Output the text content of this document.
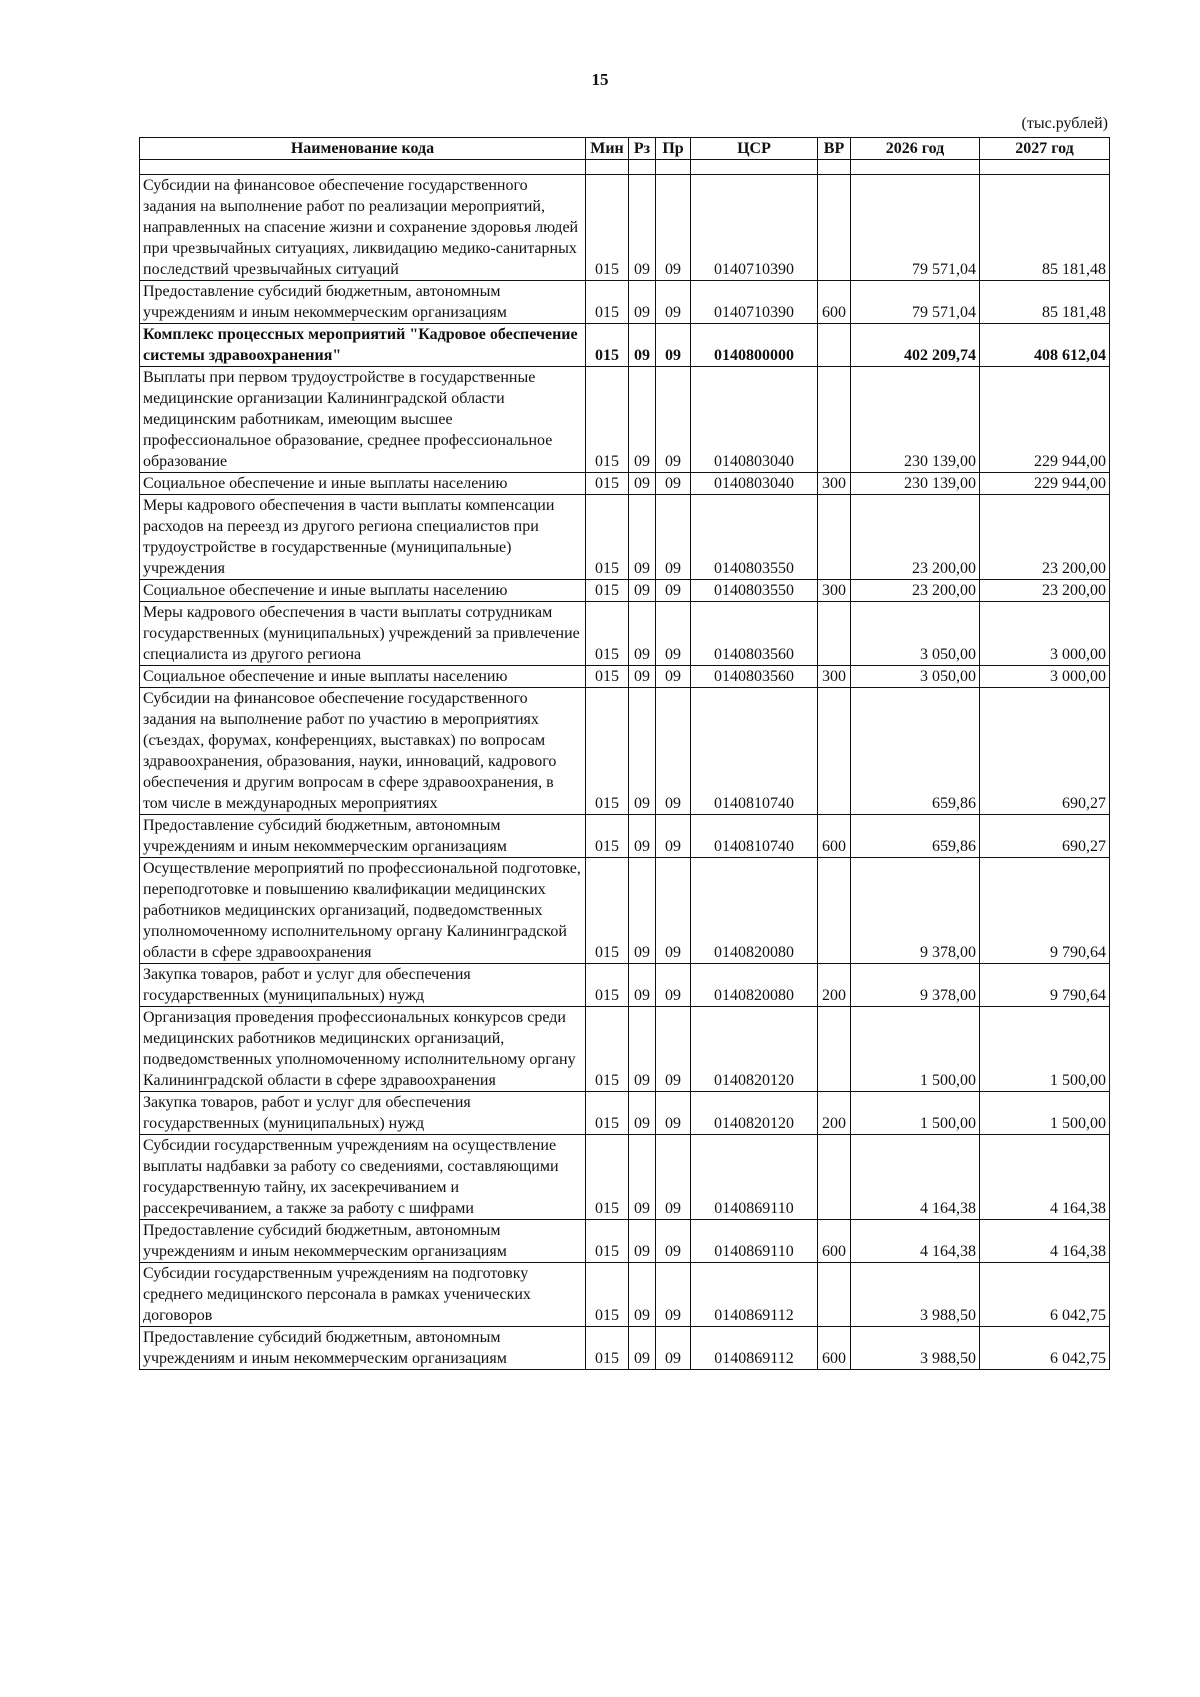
15
(тыс.рублей)
Наименование кода	Мин	Рз	Пр	ЦСР	ВР	2026 год	2027 год

Субсидии на финансовое обеспечение государственного задания на выполнение работ по реализации мероприятий, направленных на спасение жизни и сохранение здоровья людей при чрезвычайных ситуациях, ликвидацию медико-санитарных последствий чрезвычайных ситуаций	015	09	09	0140710390		79 571,04	85 181,48
Предоставление субсидий бюджетным, автономным учреждениям и иным некоммерческим организациям	015	09	09	0140710390	600	79 571,04	85 181,48
Комплекс процессных мероприятий "Кадровое обеспечение системы здравоохранения"	015	09	09	0140800000		402 209,74	408 612,04
Выплаты при первом трудоустройстве в государственные медицинские организации Калининградской области медицинским работникам, имеющим высшее профессиональное образование, среднее профессиональное образование	015	09	09	0140803040		230 139,00	229 944,00
Социальное обеспечение и иные выплаты населению	015	09	09	0140803040	300	230 139,00	229 944,00
Меры кадрового обеспечения в части выплаты компенсации расходов на переезд из другого региона специалистов при трудоустройстве в государственные (муниципальные) учреждения	015	09	09	0140803550		23 200,00	23 200,00
Социальное обеспечение и иные выплаты населению	015	09	09	0140803550	300	23 200,00	23 200,00
Меры кадрового обеспечения в части выплаты сотрудникам государственных (муниципальных) учреждений за привлечение специалиста из другого региона	015	09	09	0140803560		3 050,00	3 000,00
Социальное обеспечение и иные выплаты населению	015	09	09	0140803560	300	3 050,00	3 000,00
Субсидии на финансовое обеспечение государственного задания на выполнение работ по участию в мероприятиях (съездах, форумах, конференциях, выставках) по вопросам здравоохранения, образования, науки, инноваций, кадрового обеспечения и другим вопросам в сфере здравоохранения, в том числе в международных мероприятиях	015	09	09	0140810740		659,86	690,27
Предоставление субсидий бюджетным, автономным учреждениям и иным некоммерческим организациям	015	09	09	0140810740	600	659,86	690,27
Осуществление мероприятий по профессиональной подготовке, переподготовке и повышению квалификации медицинских работников медицинских организаций, подведомственных уполномоченному исполнительному органу Калининградской области в сфере здравоохранения	015	09	09	0140820080		9 378,00	9 790,64
Закупка товаров, работ и услуг для обеспечения государственных (муниципальных) нужд	015	09	09	0140820080	200	9 378,00	9 790,64
Организация проведения профессиональных конкурсов среди медицинских работников медицинских организаций, подведомственных уполномоченному исполнительному органу Калининградской области в сфере здравоохранения	015	09	09	0140820120		1 500,00	1 500,00
Закупка товаров, работ и услуг для обеспечения государственных (муниципальных) нужд	015	09	09	0140820120	200	1 500,00	1 500,00
Субсидии государственным учреждениям на осуществление выплаты надбавки за работу со сведениями, составляющими государственную тайну, их засекречиванием и рассекречиванием, а также за работу с шифрами	015	09	09	0140869110		4 164,38	4 164,38
Предоставление субсидий бюджетным, автономным учреждениям и иным некоммерческим организациям	015	09	09	0140869110	600	4 164,38	4 164,38
Субсидии государственным учреждениям на подготовку среднего медицинского персонала в рамках ученических договоров	015	09	09	0140869112		3 988,50	6 042,75
Предоставление субсидий бюджетным, автономным учреждениям и иным некоммерческим организациям	015	09	09	0140869112	600	3 988,50	6 042,75
